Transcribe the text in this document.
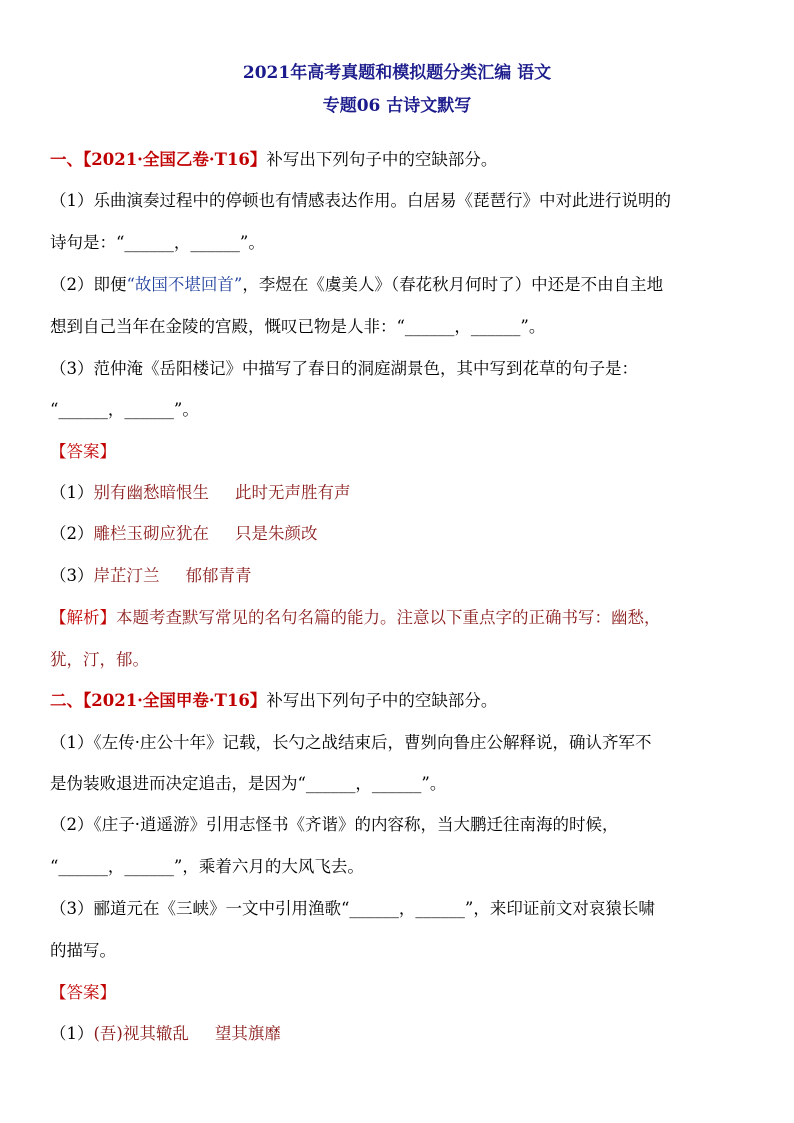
2021年高考真题和模拟题分类汇编 语文
专题06 古诗文默写
一、【2021·全国乙卷·T16】补写出下列句子中的空缺部分。
（1）乐曲演奏过程中的停顿也有情感表达作用。白居易《琵琶行》中对此进行说明的
诗句是：“______，______”。
（2）即便“故国不堪回首”，李煜在《虞美人》（春花秋月何时了）中还是不由自主地
想到自己当年在金陵的宫殿，慨叹已物是人非：“______，______”。
（3）范仲淹《岳阳楼记》中描写了春日的洞庭湖景色，其中写到花草的句子是：
“______，______”。
【答案】
（1）别有幽愁暗恨生 此时无声胜有声
（2）雕栏玉砌应犹在 只是朱颜改
（3）岸芷汀兰 郁郁青青
【解析】本题考查默写常见的名句名篇的能力。注意以下重点字的正确书写：幽愁，
犹，汀，郁。
二、【2021·全国甲卷·T16】补写出下列句子中的空缺部分。
（1）《左传·庄公十年》记载，长勺之战结束后，曹刿向鲁庄公解释说，确认齐军不
是伪装败退进而决定追击，是因为“______，______”。
（2）《庄子·逍遥游》引用志怪书《齐谐》的内容称，当大鹏迁往南海的时候，
“______，______”，乘着六月的大风飞去。
（3）郦道元在《三峡》一文中引用渔歌“______，______”，来印证前文对哀猿长啸
的描写。
【答案】
（1）(吾)视其辙乱 望其旗靡
